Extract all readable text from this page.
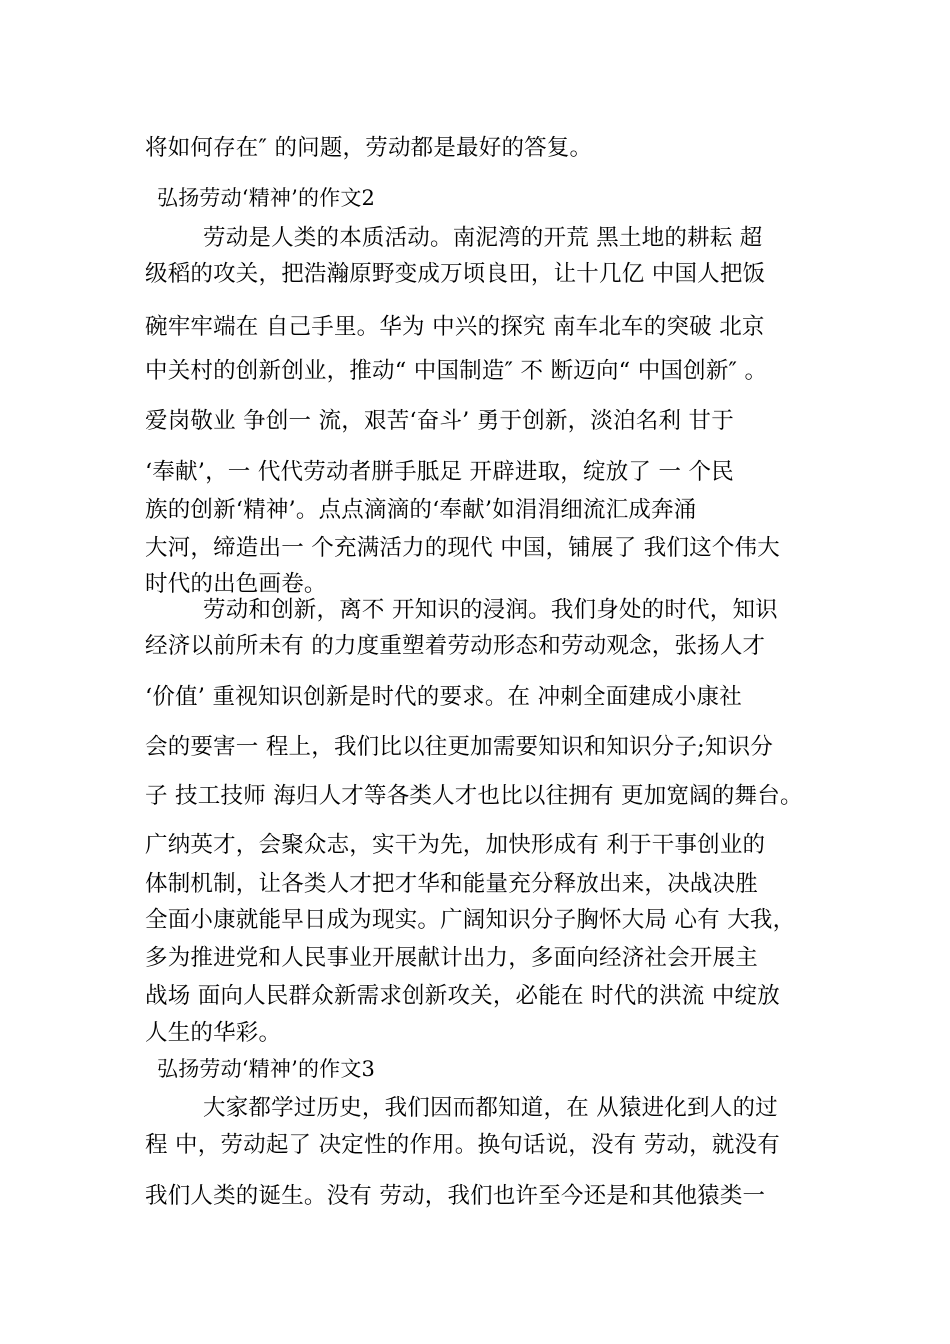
将如何存在″ 的问题，劳动都是最好的答复。

弘扬劳动‘精神’的作文2

劳动是人类的本质活动。南泥湾的开荒 黑土地的耕耘 超

级稻的攻关，把浩瀚原野变成万顷良田，让十几亿 中国人把饭

碗牢牢端在 自己手里。华为 中兴的探究 南车北车的突破 北京

中关村的创新创业，推动“ 中国制造″ 不 断迈向“ 中国创新″ 。

爱岗敬业 争创一 流，艰苦‘奋斗’ 勇于创新，淡泊名利 甘于

‘奉献’，一 代代劳动者胼手胝足 开辟进取，绽放了 一 个民

族的创新‘精神’。点点滴滴的‘奉献’如涓涓细流汇成奔涌

大河，缔造出一 个充满活力的现代 中国，铺展了 我们这个伟大

时代的出色画卷。

劳动和创新，离不 开知识的浸润。我们身处的时代，知识

经济以前所未有 的力度重塑着劳动形态和劳动观念，张扬人才

‘价值’ 重视知识创新是时代的要求。在 冲刺全面建成小康社

会的要害一 程上，我们比以往更加需要知识和知识分子;知识分

子 技工技师 海归人才等各类人才也比以往拥有 更加宽阔的舞台。

广纳英才，会聚众志，实干为先，加快形成有 利于干事创业的

体制机制，让各类人才把才华和能量充分释放出来，决战决胜

全面小康就能早日成为现实。广阔知识分子胸怀大局 心有 大我，

多为推进党和人民事业开展献计出力，多面向经济社会开展主

战场 面向人民群众新需求创新攻关，必能在 时代的洪流 中绽放

人生的华彩。

弘扬劳动‘精神’的作文3

大家都学过历史，我们因而都知道，在 从猿进化到人的过

程 中，劳动起了 决定性的作用。换句话说，没有 劳动，就没有

我们人类的诞生。没有 劳动，我们也许至今还是和其他猿类一
